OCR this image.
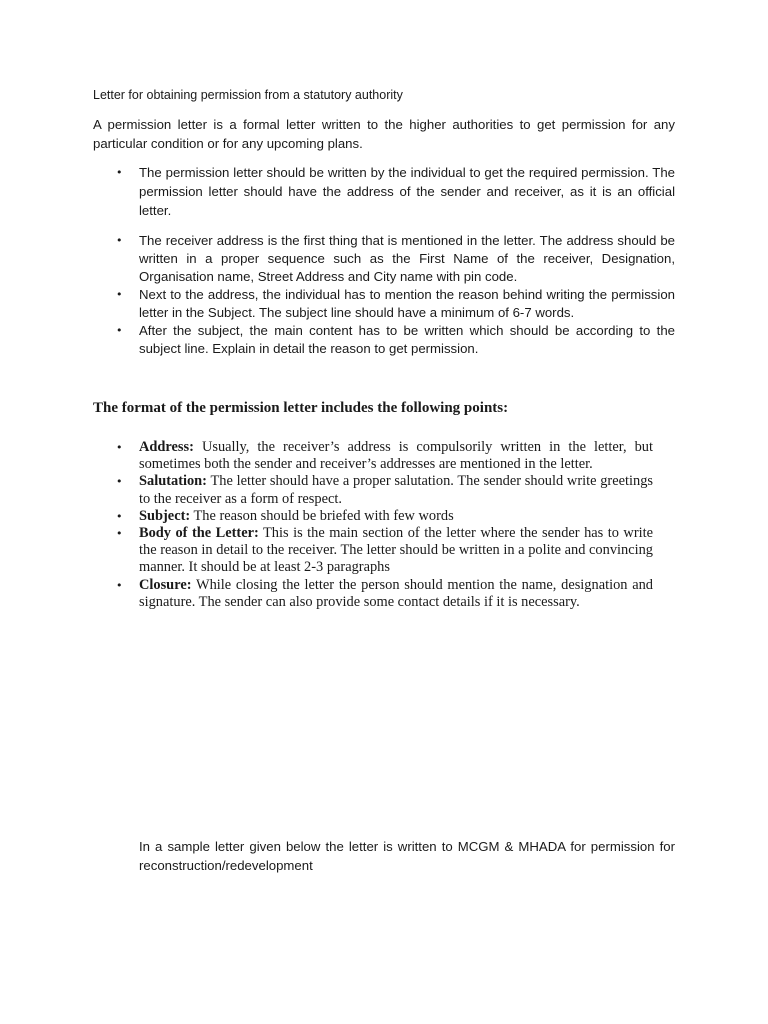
Letter for obtaining permission from a statutory authority

A permission letter is a formal letter written to the higher authorities to get permission for any particular condition or for any upcoming plans.

• The permission letter should be written by the individual to get the required permission. The permission letter should have the address of the sender and receiver, as it is an official letter.
• The receiver address is the first thing that is mentioned in the letter. The address should be written in a proper sequence such as the First Name of the receiver, Designation, Organisation name, Street Address and City name with pin code.
• Next to the address, the individual has to mention the reason behind writing the permission letter in the Subject. The subject line should have a minimum of 6-7 words.
• After the subject, the main content has to be written which should be according to the subject line. Explain in detail the reason to get permission.
The format of the permission letter includes the following points:
• Address: Usually, the receiver’s address is compulsorily written in the letter, but sometimes both the sender and receiver’s addresses are mentioned in the letter.
• Salutation: The letter should have a proper salutation. The sender should write greetings to the receiver as a form of respect.
• Subject: The reason should be briefed with few words
• Body of the Letter: This is the main section of the letter where the sender has to write the reason in detail to the receiver. The letter should be written in a polite and convincing manner. It should be at least 2-3 paragraphs
• Closure: While closing the letter the person should mention the name, designation and signature. The sender can also provide some contact details if it is necessary.

In a sample letter given below the letter is written to MCGM & MHADA for permission for reconstruction/redevelopment
